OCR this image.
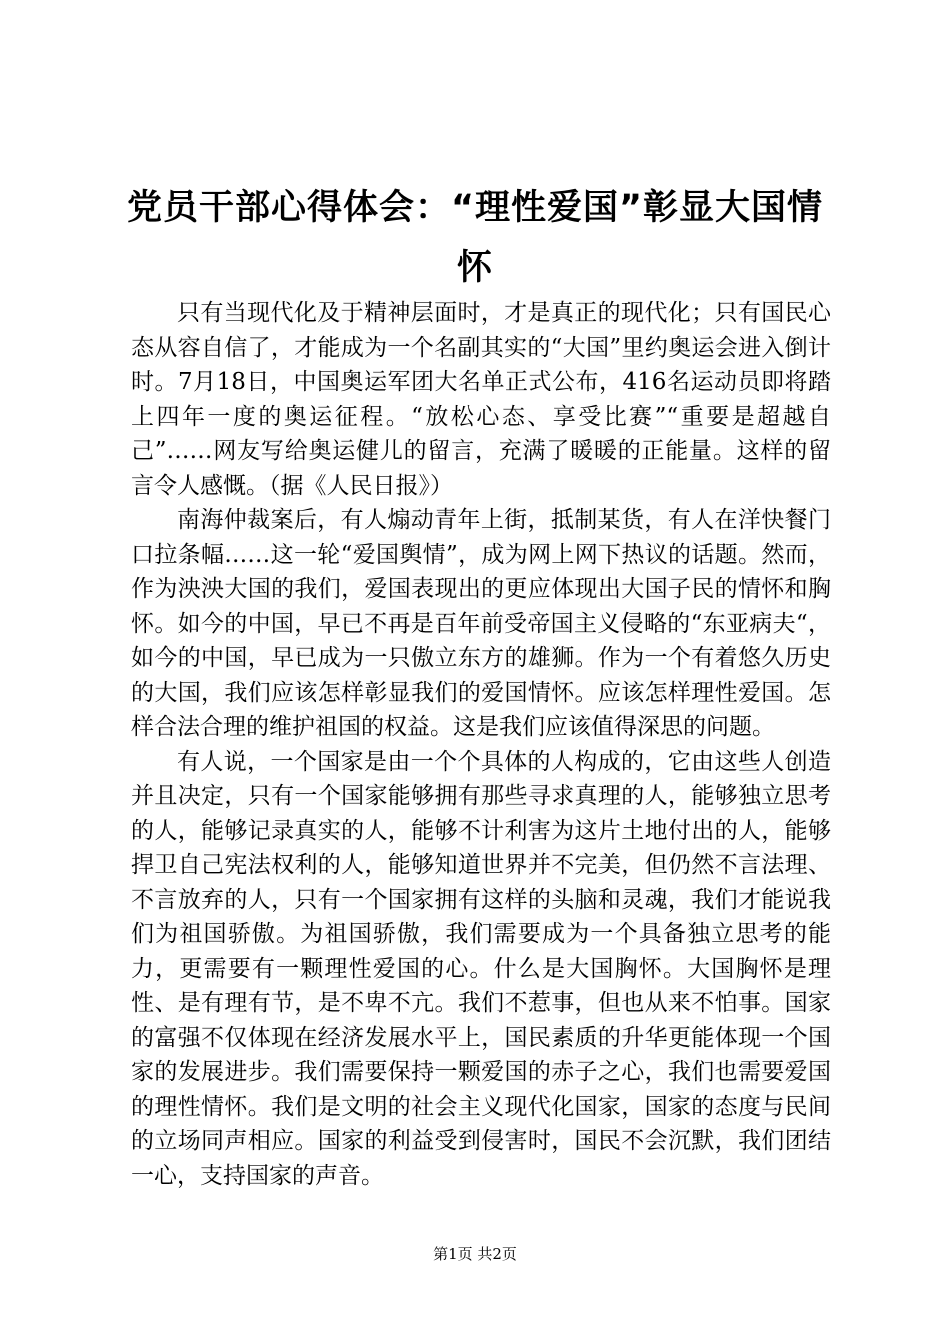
党员干部心得体会：“理性爱国”彰显大国情怀

只有当现代化及于精神层面时，才是真正的现代化；只有国民心态从容自信了，才能成为一个名副其实的“大国”里约奥运会进入倒计时。7月18日，中国奥运军团大名单正式公布，416名运动员即将踏上四年一度的奥运征程。“放松心态、享受比赛”“重要是超越自己”……网友写给奥运健儿的留言，充满了暖暖的正能量。这样的留言令人感慨。（据《人民日报》）

南海仲裁案后，有人煽动青年上街，抵制某货，有人在洋快餐门口拉条幅……这一轮“爱国舆情”，成为网上网下热议的话题。然而，作为泱泱大国的我们，爱国表现出的更应体现出大国子民的情怀和胸怀。如今的中国，早已不再是百年前受帝国主义侵略的“东亚病夫“，如今的中国，早已成为一只傲立东方的雄狮。作为一个有着悠久历史的大国，我们应该怎样彰显我们的爱国情怀。应该怎样理性爱国。怎样合法合理的维护祖国的权益。这是我们应该值得深思的问题。

有人说，一个国家是由一个个具体的人构成的，它由这些人创造并且决定，只有一个国家能够拥有那些寻求真理的人，能够独立思考的人，能够记录真实的人，能够不计利害为这片土地付出的人，能够捍卫自己宪法权利的人，能够知道世界并不完美，但仍然不言法理、不言放弃的人，只有一个国家拥有这样的头脑和灵魂，我们才能说我们为祖国骄傲。为祖国骄傲，我们需要成为一个具备独立思考的能力，更需要有一颗理性爱国的心。什么是大国胸怀。大国胸怀是理性、是有理有节，是不卑不亢。我们不惹事，但也从来不怕事。国家的富强不仅体现在经济发展水平上，国民素质的升华更能体现一个国家的发展进步。我们需要保持一颗爱国的赤子之心，我们也需要爱国的理性情怀。我们是文明的社会主义现代化国家，国家的态度与民间的立场同声相应。国家的利益受到侵害时，国民不会沉默，我们团结一心，支持国家的声音。

第1页 共2页
